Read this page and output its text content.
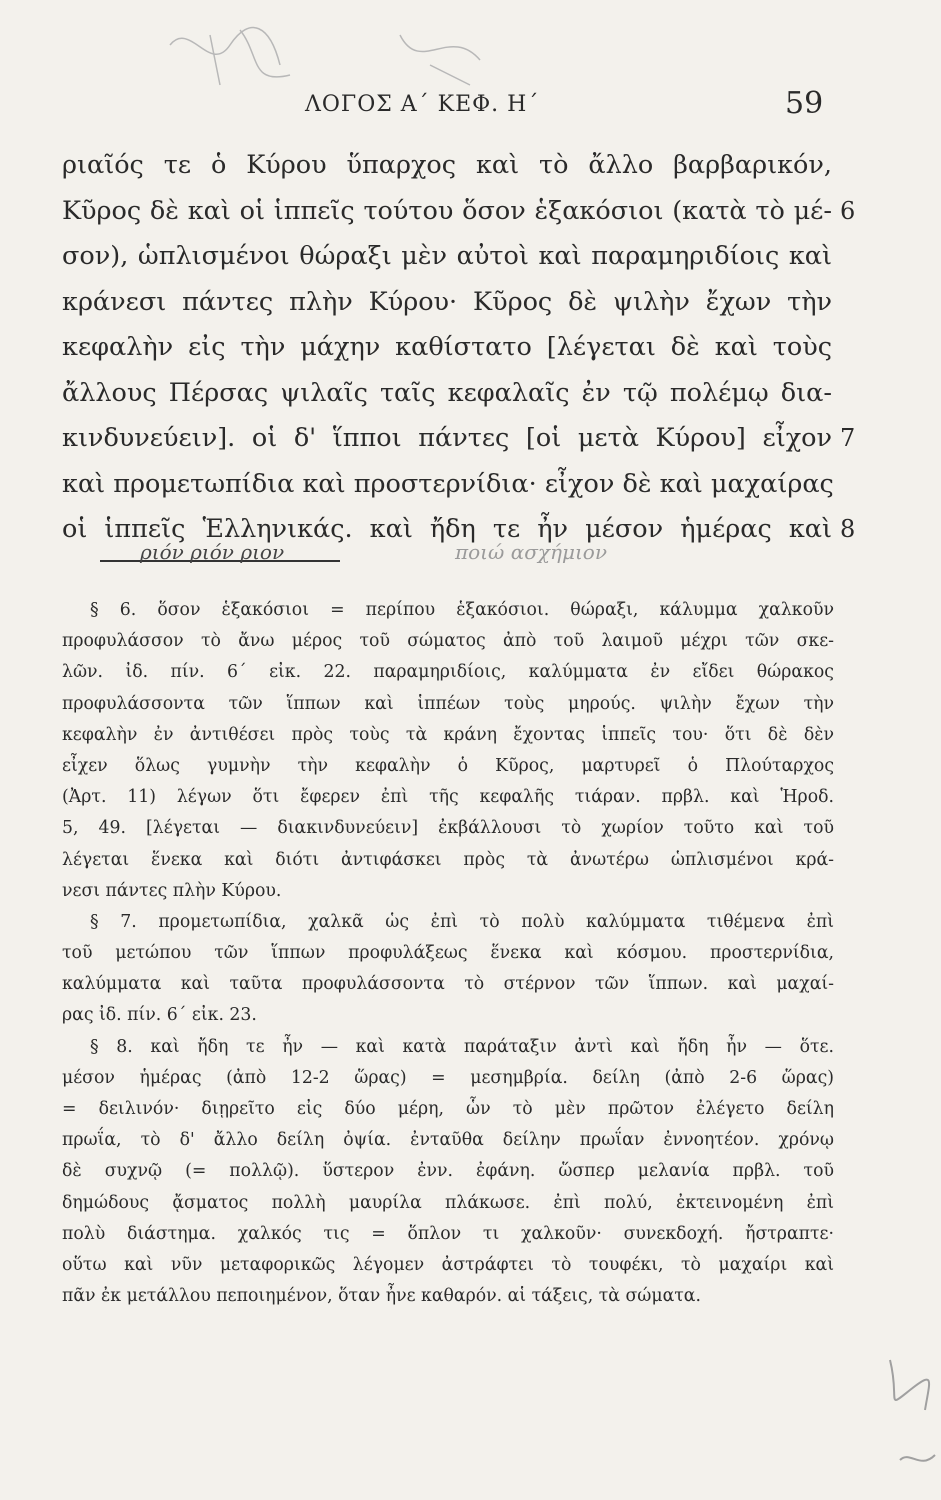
ΛΟΓΟΣ Α΄ ΚΕΦ. Η΄	59
ριαῖός τε ὁ Κύρου ὕπαρχος καὶ τὸ ἄλλο βαρβαρικόν,
Κῦρος δὲ καὶ οἱ ἱππεῖς τούτου ὅσον ἑξακόσιοι (κατὰ τὸ μέ- 6
σον), ὡπλισμένοι θώραξι μὲν αὐτοὶ καὶ παραμηριδίοις καὶ
κράνεσι πάντες πλὴν Κύρου· Κῦρος δὲ ψιλὴν ἔχων τὴν
κεφαλὴν εἰς τὴν μάχην καθίστατο [λέγεται δὲ καὶ τοὺς
ἄλλους Πέρσας ψιλαῖς ταῖς κεφαλαῖς ἐν τῷ πολέμῳ δια-
κινδυνεύειν]. οἱ δ' ἵπποι πάντες [οἱ μετὰ Κύρου] εἶχον 7
καὶ προμετωπίδια καὶ προστερνίδια· εἶχον δὲ καὶ μαχαίρας
οἱ ἱππεῖς Ἑλληνικάς. καὶ ἤδη τε ἦν μέσον ἡμέρας καὶ 8
ριόν ριόν ριον	ποιώ ασχήμιον
§ 6. ὅσον ἑξακόσιοι = περίπου ἑξακόσιοι. θώραξι, κάλυμμα χαλκοῦν
προφυλάσσον τὸ ἄνω μέρος τοῦ σώματος ἀπὸ τοῦ λαιμοῦ μέχρι τῶν σκε-
λῶν. ἰδ. πίν. 6΄ εἰκ. 22. παραμηριδίοις, καλύμματα ἐν εἴδει θώρακος
προφυλάσσοντα τῶν ἵππων καὶ ἱππέων τοὺς μηρούς. ψιλὴν ἔχων τὴν
κεφαλὴν ἐν ἀντιθέσει πρὸς τοὺς τὰ κράνη ἔχοντας ἱππεῖς του· ὅτι δὲ δὲν
εἶχεν ὅλως γυμνὴν τὴν κεφαλὴν ὁ Κῦρος, μαρτυρεῖ ὁ Πλούταρχος
(Ἀρτ. 11) λέγων ὅτι ἔφερεν ἐπὶ τῆς κεφαλῆς τιάραν. πρβλ. καὶ Ἡροδ.
5, 49. [λέγεται — διακινδυνεύειν] ἐκβάλλουσι τὸ χωρίον τοῦτο καὶ τοῦ
λέγεται ἕνεκα καὶ διότι ἀντιφάσκει πρὸς τὰ ἀνωτέρω ὡπλισμένοι κρά-
νεσι πάντες πλὴν Κύρου.
§ 7. προμετωπίδια, χαλκᾶ ὡς ἐπὶ τὸ πολὺ καλύμματα τιθέμενα ἐπὶ
τοῦ μετώπου τῶν ἵππων προφυλάξεως ἕνεκα καὶ κόσμου. προστερνίδια,
καλύμματα καὶ ταῦτα προφυλάσσοντα τὸ στέρνον τῶν ἵππων. καὶ μαχαί-
ρας ἰδ. πίν. 6΄ εἰκ. 23.
§ 8. καὶ ἤδη τε ἦν — καὶ κατὰ παράταξιν ἀντὶ καὶ ἤδη ἦν — ὅτε.
μέσον ἡμέρας (ἀπὸ 12-2 ὥρας) = μεσημβρία. δείλη (ἀπὸ 2-6 ὥρας)
= δειλινόν· διῃρεῖτο εἰς δύο μέρη, ὧν τὸ μὲν πρῶτον ἐλέγετο δείλη
πρωΐα, τὸ δ' ἄλλο δείλη ὀψία. ἐνταῦθα δείλην πρωΐαν ἐννοητέον. χρόνῳ
δὲ συχνῷ (= πολλῷ). ὕστερον ἐνν. ἐφάνη. ὥσπερ μελανία πρβλ. τοῦ
δημώδους ᾄσματος πολλὴ μαυρίλα πλάκωσε. ἐπὶ πολύ, ἐκτεινομένη ἐπὶ
πολὺ διάστημα. χαλκός τις = ὅπλον τι χαλκοῦν· συνεκδοχή. ἤστραπτε·
οὕτω καὶ νῦν μεταφορικῶς λέγομεν ἀστράφτει τὸ τουφέκι, τὸ μαχαίρι καὶ
πᾶν ἐκ μετάλλου πεποιημένον, ὅταν ἦνε καθαρόν. αἱ τάξεις, τὰ σώματα.
